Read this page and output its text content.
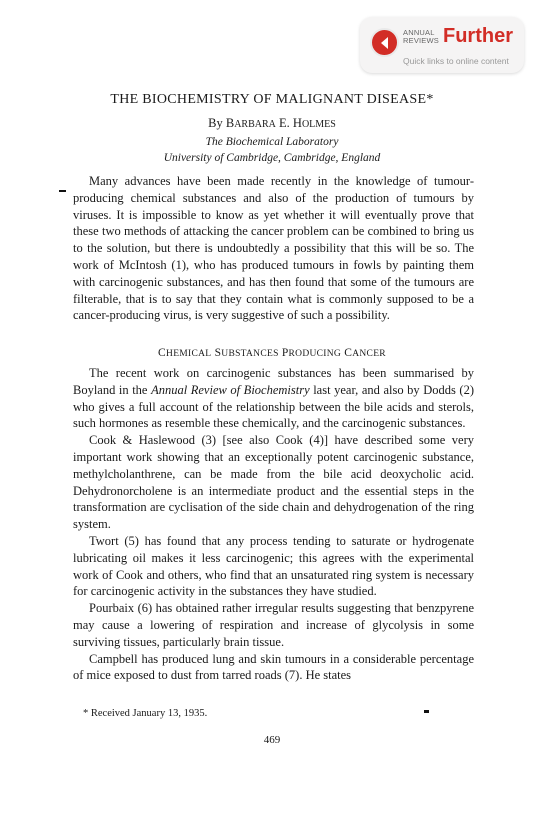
ANNUAL
REVIEWS Further
Quick links to online content
THE BIOCHEMISTRY OF MALIGNANT DISEASE*
By BARBARA E. HOLMES
The Biochemical Laboratory
University of Cambridge, Cambridge, England

Many advances have been made recently in the knowledge of tumour-producing chemical substances and also of the production of tumours by viruses. It is impossible to know as yet whether it will eventually prove that these two methods of attacking the cancer problem can be combined to bring us to the solution, but there is undoubtedly a possibility that this will be so. The work of McIntosh (1), who has produced tumours in fowls by painting them with carcinogenic substances, and has then found that some of the tumours are filterable, that is to say that they contain what is commonly supposed to be a cancer-producing virus, is very suggestive of such a possibility.

CHEMICAL SUBSTANCES PRODUCING CANCER

The recent work on carcinogenic substances has been summarised by Boyland in the Annual Review of Biochemistry last year, and also by Dodds (2) who gives a full account of the relationship between the bile acids and sterols, such hormones as resemble these chemically, and the carcinogenic substances.

Cook & Haslewood (3) [see also Cook (4)] have described some very important work showing that an exceptionally potent carcinogenic substance, methylcholanthrene, can be made from the bile acid deoxycholic acid. Dehydronorcholene is an intermediate product and the essential steps in the transformation are cyclisation of the side chain and dehydrogenation of the ring system.

Twort (5) has found that any process tending to saturate or hydrogenate lubricating oil makes it less carcinogenic; this agrees with the experimental work of Cook and others, who find that an unsaturated ring system is necessary for carcinogenic activity in the substances they have studied.

Pourbaix (6) has obtained rather irregular results suggesting that benzpyrene may cause a lowering of respiration and increase of glycolysis in some surviving tissues, particularly brain tissue.

Campbell has produced lung and skin tumours in a considerable percentage of mice exposed to dust from tarred roads (7). He states

* Received January 13, 1935.
469
